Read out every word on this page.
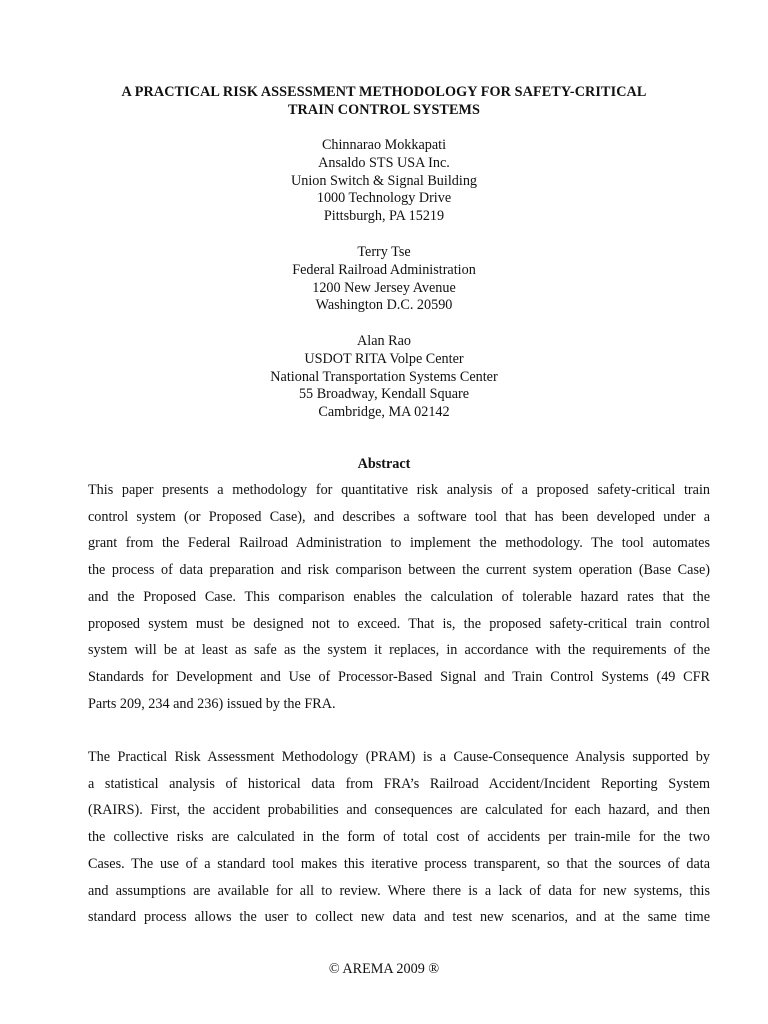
A PRACTICAL RISK ASSESSMENT METHODOLOGY FOR SAFETY-CRITICAL
TRAIN CONTROL SYSTEMS
Chinnarao Mokkapati
Ansaldo STS USA Inc.
Union Switch & Signal Building
1000 Technology Drive
Pittsburgh, PA 15219
Terry Tse
Federal Railroad Administration
1200 New Jersey Avenue
Washington D.C. 20590
Alan Rao
USDOT RITA Volpe Center
National Transportation Systems Center
55 Broadway, Kendall Square
Cambridge, MA 02142
Abstract
This paper presents a methodology for quantitative risk analysis of a proposed safety-critical train
control system (or Proposed Case), and describes a software tool that has been developed under a
grant from the Federal Railroad Administration to implement the methodology. The tool automates
the process of data preparation and risk comparison between the current system operation (Base Case)
and the Proposed Case. This comparison enables the calculation of tolerable hazard rates that the
proposed system must be designed not to exceed. That is, the proposed safety-critical train control
system will be at least as safe as the system it replaces, in accordance with the requirements of the
Standards for Development and Use of Processor-Based Signal and Train Control Systems (49 CFR
Parts 209, 234 and 236) issued by the FRA.
The Practical Risk Assessment Methodology (PRAM) is a Cause-Consequence Analysis supported by
a statistical analysis of historical data from FRA’s Railroad Accident/Incident Reporting System
(RAIRS). First, the accident probabilities and consequences are calculated for each hazard, and then
the collective risks are calculated in the form of total cost of accidents per train-mile for the two
Cases. The use of a standard tool makes this iterative process transparent, so that the sources of data
and assumptions are available for all to review. Where there is a lack of data for new systems, this
standard process allows the user to collect new data and test new scenarios, and at the same time
© AREMA 2009 ®
